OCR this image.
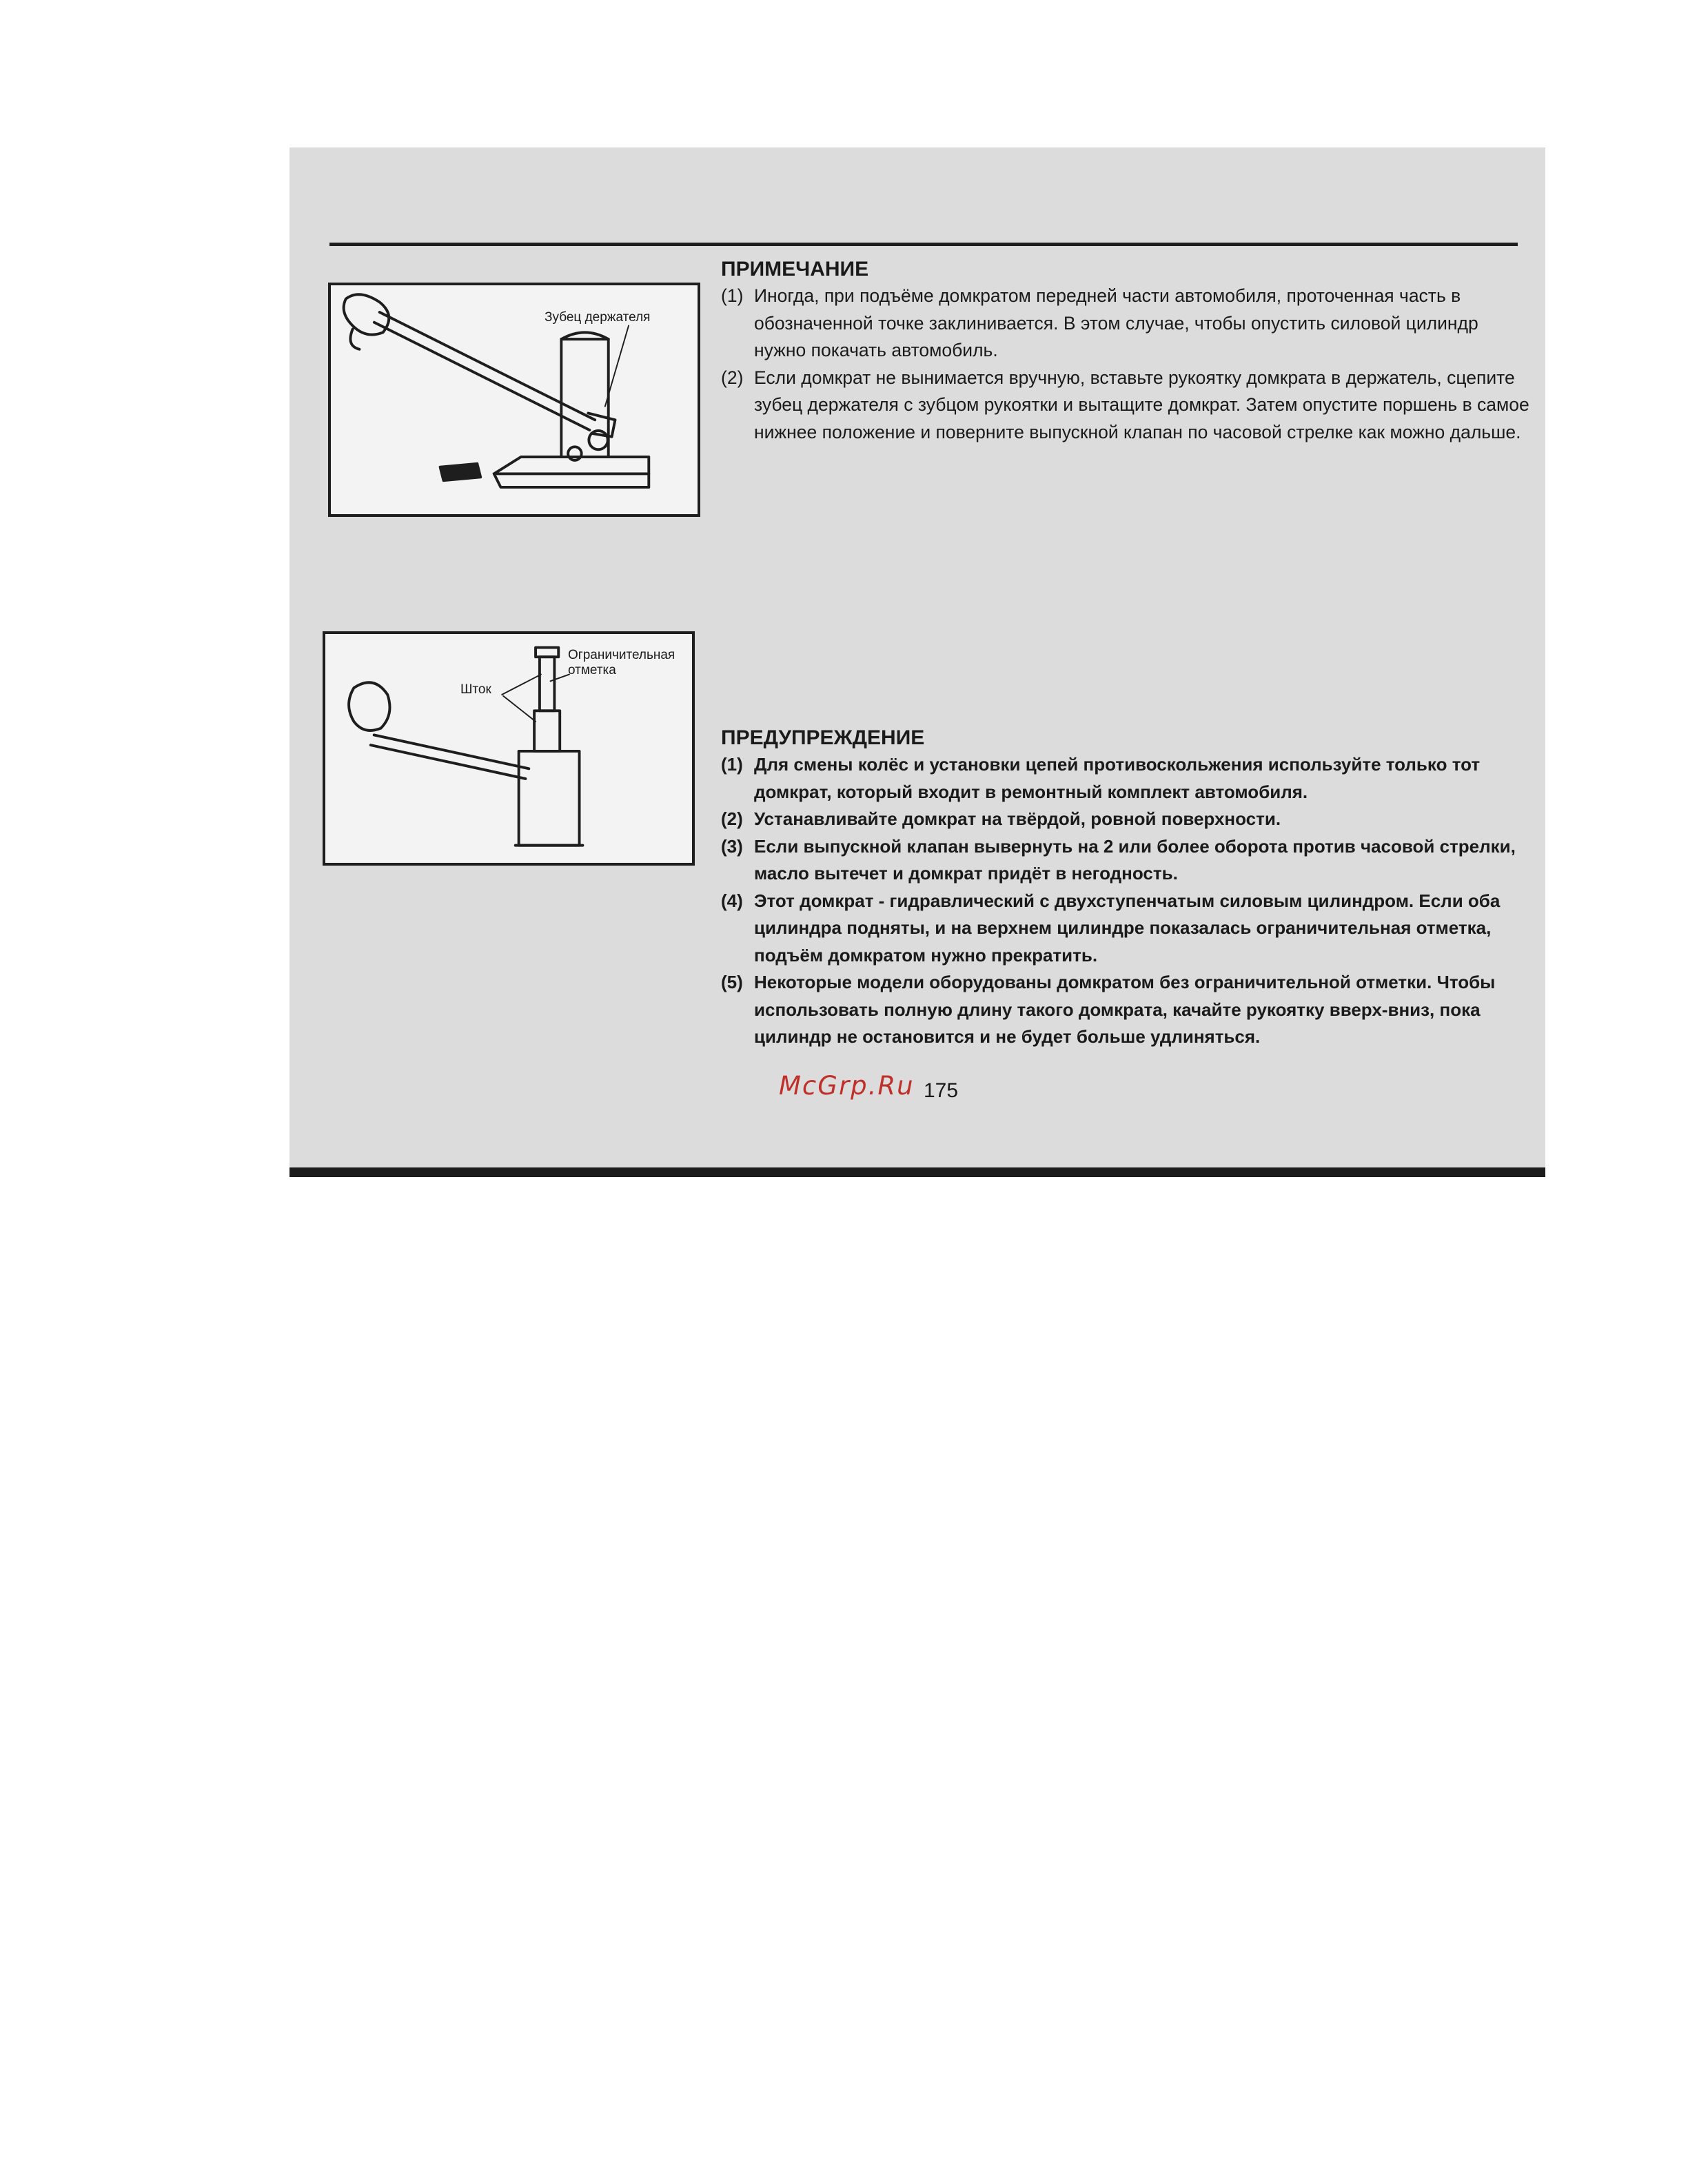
Зубец держателя
Ограничительная
отметка
Шток

ПРИМЕЧАНИЕ

(1) Иногда, при подъёме домкратом передней части автомобиля, проточенная часть в обозначенной точке заклинивается. В этом случае, чтобы опустить силовой цилиндр нужно покачать автомобиль.
(2) Если домкрат не вынимается вручную, вставьте рукоятку домкрата в держатель, сцепите зубец держателя с зубцом рукоятки и вытащите домкрат. Затем опустите поршень в самое нижнее положение и поверните выпускной клапан по часовой стрелке как можно дальше.

ПРЕДУПРЕЖДЕНИЕ

(1) Для смены колёс и установки цепей противоскольжения используйте только тот домкрат, который входит в ремонтный комплект автомобиля.
(2) Устанавливайте домкрат на твёрдой, ровной поверхности.
(3) Если выпускной клапан вывернуть на 2 или более оборота против часовой стрелки, масло вытечет и домкрат придёт в негодность.
(4) Этот домкрат - гидравлический с двухступенчатым силовым цилиндром. Если оба цилиндра подняты, и на верхнем цилиндре показалась ограничительная отметка, подъём домкратом нужно прекратить.
(5) Некоторые модели оборудованы домкратом без ограничительной отметки. Чтобы использовать полную длину такого домкрата, качайте рукоятку вверх-вниз, пока цилиндр не остановится и не будет больше удлиняться.
McGrp.Ru 175
